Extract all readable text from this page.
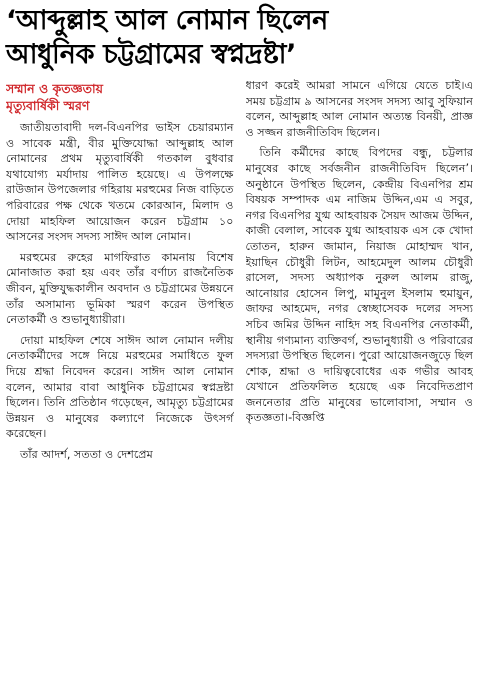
‘আব্দুল্লাহ আল নোমান ছিলেন
আধুনিক চট্টগ্রামের স্বপ্নদ্রষ্টা’
সম্মান ও কৃতজ্ঞতায়
মৃত্যুবার্ষিকী স্মরণ

জাতীয়তাবাদী দল-বিএনপির ভাইস চেয়ারম্যান ও সাবেক মন্ত্রী, বীর মুক্তিযোদ্ধা আব্দুল্লাহ আল নোমানের প্রথম মৃত্যুবার্ষিকী গতকাল বুধবার যথাযোগ্য মর্যাদায় পালিত হয়েছে। এ উপলক্ষে রাউজান উপজেলার গহিরায় মরহুমের নিজ বাড়িতে পরিবারের পক্ষ থেকে খতমে কোরআন, মিলাদ ও দোয়া মাহফিল আয়োজন করেন চট্টগ্রাম ১০ আসনের সংসদ সদস্য সাঈদ আল নোমান।

মরহুমের রুহের মাগফিরাত কামনায় বিশেষ মোনাজাত করা হয় এবং তাঁর বর্ণাঢ্য রাজনৈতিক জীবন, মুক্তিযুদ্ধকালীন অবদান ও চট্টগ্রামের উন্নয়নে তাঁর অসামান্য ভূমিকা স্মরণ করেন উপস্থিত নেতাকর্মী ও শুভানুধ্যায়ীরা।

দোয়া মাহফিল শেষে সাঈদ আল নোমান দলীয় নেতাকর্মীদের সঙ্গে নিয়ে মরহুমের সমাধিতে ফুল দিয়ে শ্রদ্ধা নিবেদন করেন। সাঈদ আল নোমান বলেন, আমার বাবা আধুনিক চট্টগ্রামের স্বপ্নদ্রষ্টা ছিলেন। তিনি প্রতিষ্ঠান গড়েছেন, আমৃত্যু চট্টগ্রামের উন্নয়ন ও মানুষের কল্যাণে নিজেকে উৎসর্গ করেছেন।

তাঁর আদর্শ, সততা ও দেশপ্রেম

ধারণ করেই আমরা সামনে এগিয়ে যেতে চাই।এ সময় চট্টগ্রাম ৯ আসনের সংসদ সদস্য আবু সুফিয়ান বলেন, আব্দুল্লাহ আল নোমান অত্যন্ত বিনয়ী, প্রাজ্ঞ ও সজ্জন রাজনীতিবিদ ছিলেন।

তিনি কর্মীদের কাছে বিপদের বন্ধু, চট্টলার মানুষের কাছে সর্বজনীন রাজনীতিবিদ ছিলেন’। অনুষ্ঠানে উপস্থিত ছিলেন, কেন্দ্রীয় বিএনপির শ্রম বিষয়ক সম্পাদক এম নাজিম উদ্দিন,এম এ সবুর, নগর বিএনপির যুগ্ম আহবায়ক সৈয়দ আজম উদ্দিন, কাজী বেলাল, সাবেক যুগ্ম আহবায়ক এস কে খোদা তোতন, হারুন জামান, নিয়াজ মোহাম্মদ খান, ইয়াছিন চৌধুরী লিটন, আহমেদুল আলম চৌধুরী রাসেল, সদস্য অধ্যাপক নুরুল আলম রাজু, আনোয়ার হোসেন লিপু, মামুনুল ইসলাম হুমায়ুন, জাফর আহমেদ, নগর স্বেচ্ছাসেবক দলের সদস্য সচিব জমির উদ্দিন নাহিদ সহ বিএনপির নেতাকর্মী, স্থানীয় গণ্যমান্য ব্যক্তিবর্গ, শুভানুধ্যায়ী ও পরিবারের সদস্যরা উপস্থিত ছিলেন। পুরো আয়োজনজুড়ে ছিল শোক, শ্রদ্ধা ও দায়িত্ববোধের এক গভীর আবহ যেখানে প্রতিফলিত হয়েছে এক নিবেদিতপ্রাণ জননেতার প্রতি মানুষের ভালোবাসা, সম্মান ও কৃতজ্ঞতা।-বিজ্ঞপ্তি
